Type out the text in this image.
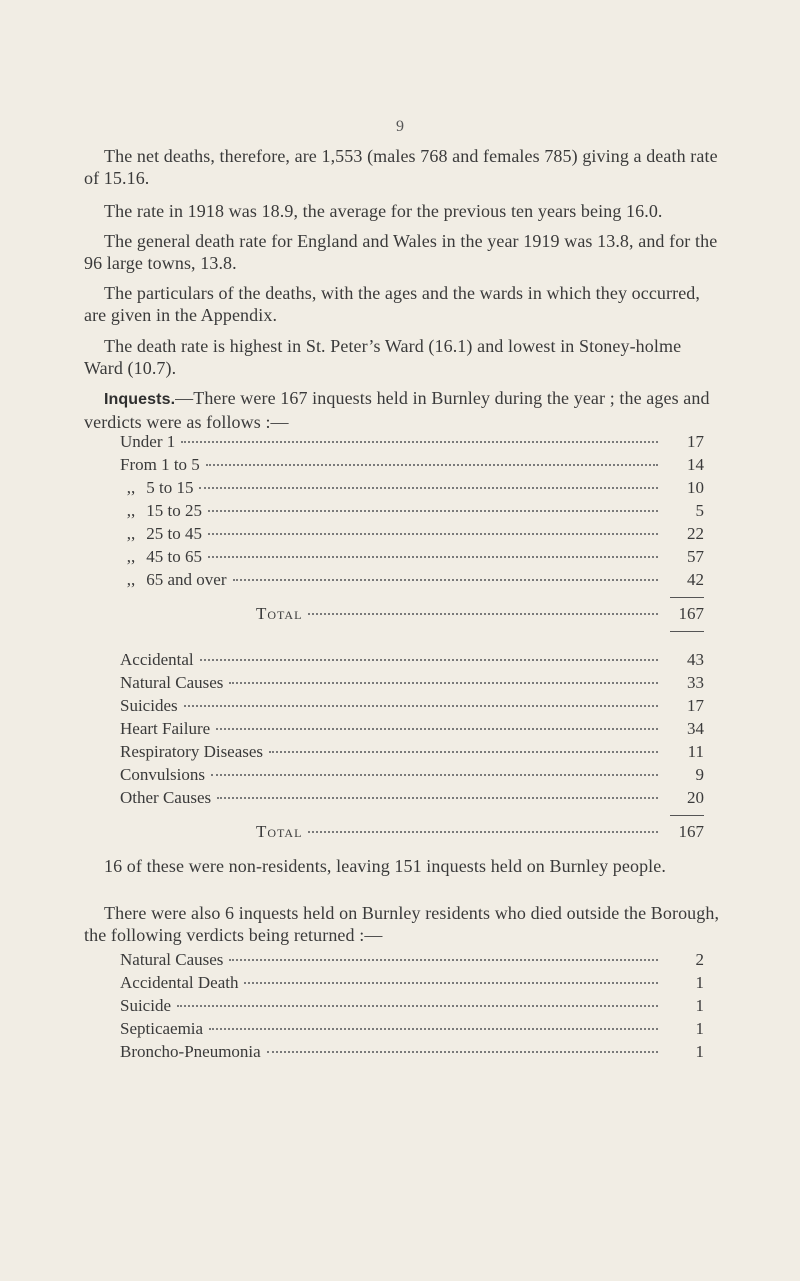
9

The net deaths, therefore, are 1,553 (males 768 and females 785) giving a death rate of 15.16.

The rate in 1918 was 18.9, the average for the previous ten years being 16.0.

The general death rate for England and Wales in the year 1919 was 13.8, and for the 96 large towns, 13.8.

The particulars of the deaths, with the ages and the wards in which they occurred, are given in the Appendix.

The death rate is highest in St. Peter’s Ward (16.1) and lowest in Stoney-holme Ward (10.7).

Inquests.—There were 167 inquests held in Burnley during the year ; the ages and verdicts were as follows :—

Under 1	17
From 1 to 5	14
,, 5 to 15	10
,, 15 to 25	5
,, 25 to 45	22
,, 45 to 65	57
,, 65 and over	42
Total	167
Accidental	43
Natural Causes	33
Suicides	17
Heart Failure	34
Respiratory Diseases	11
Convulsions	9
Other Causes	20
Total	167

16 of these were non-residents, leaving 151 inquests held on Burnley people.

There were also 6 inquests held on Burnley residents who died outside the Borough, the following verdicts being returned :—

Natural Causes	2
Accidental Death	1
Suicide	1
Septicaemia	1
Broncho-Pneumonia	1
